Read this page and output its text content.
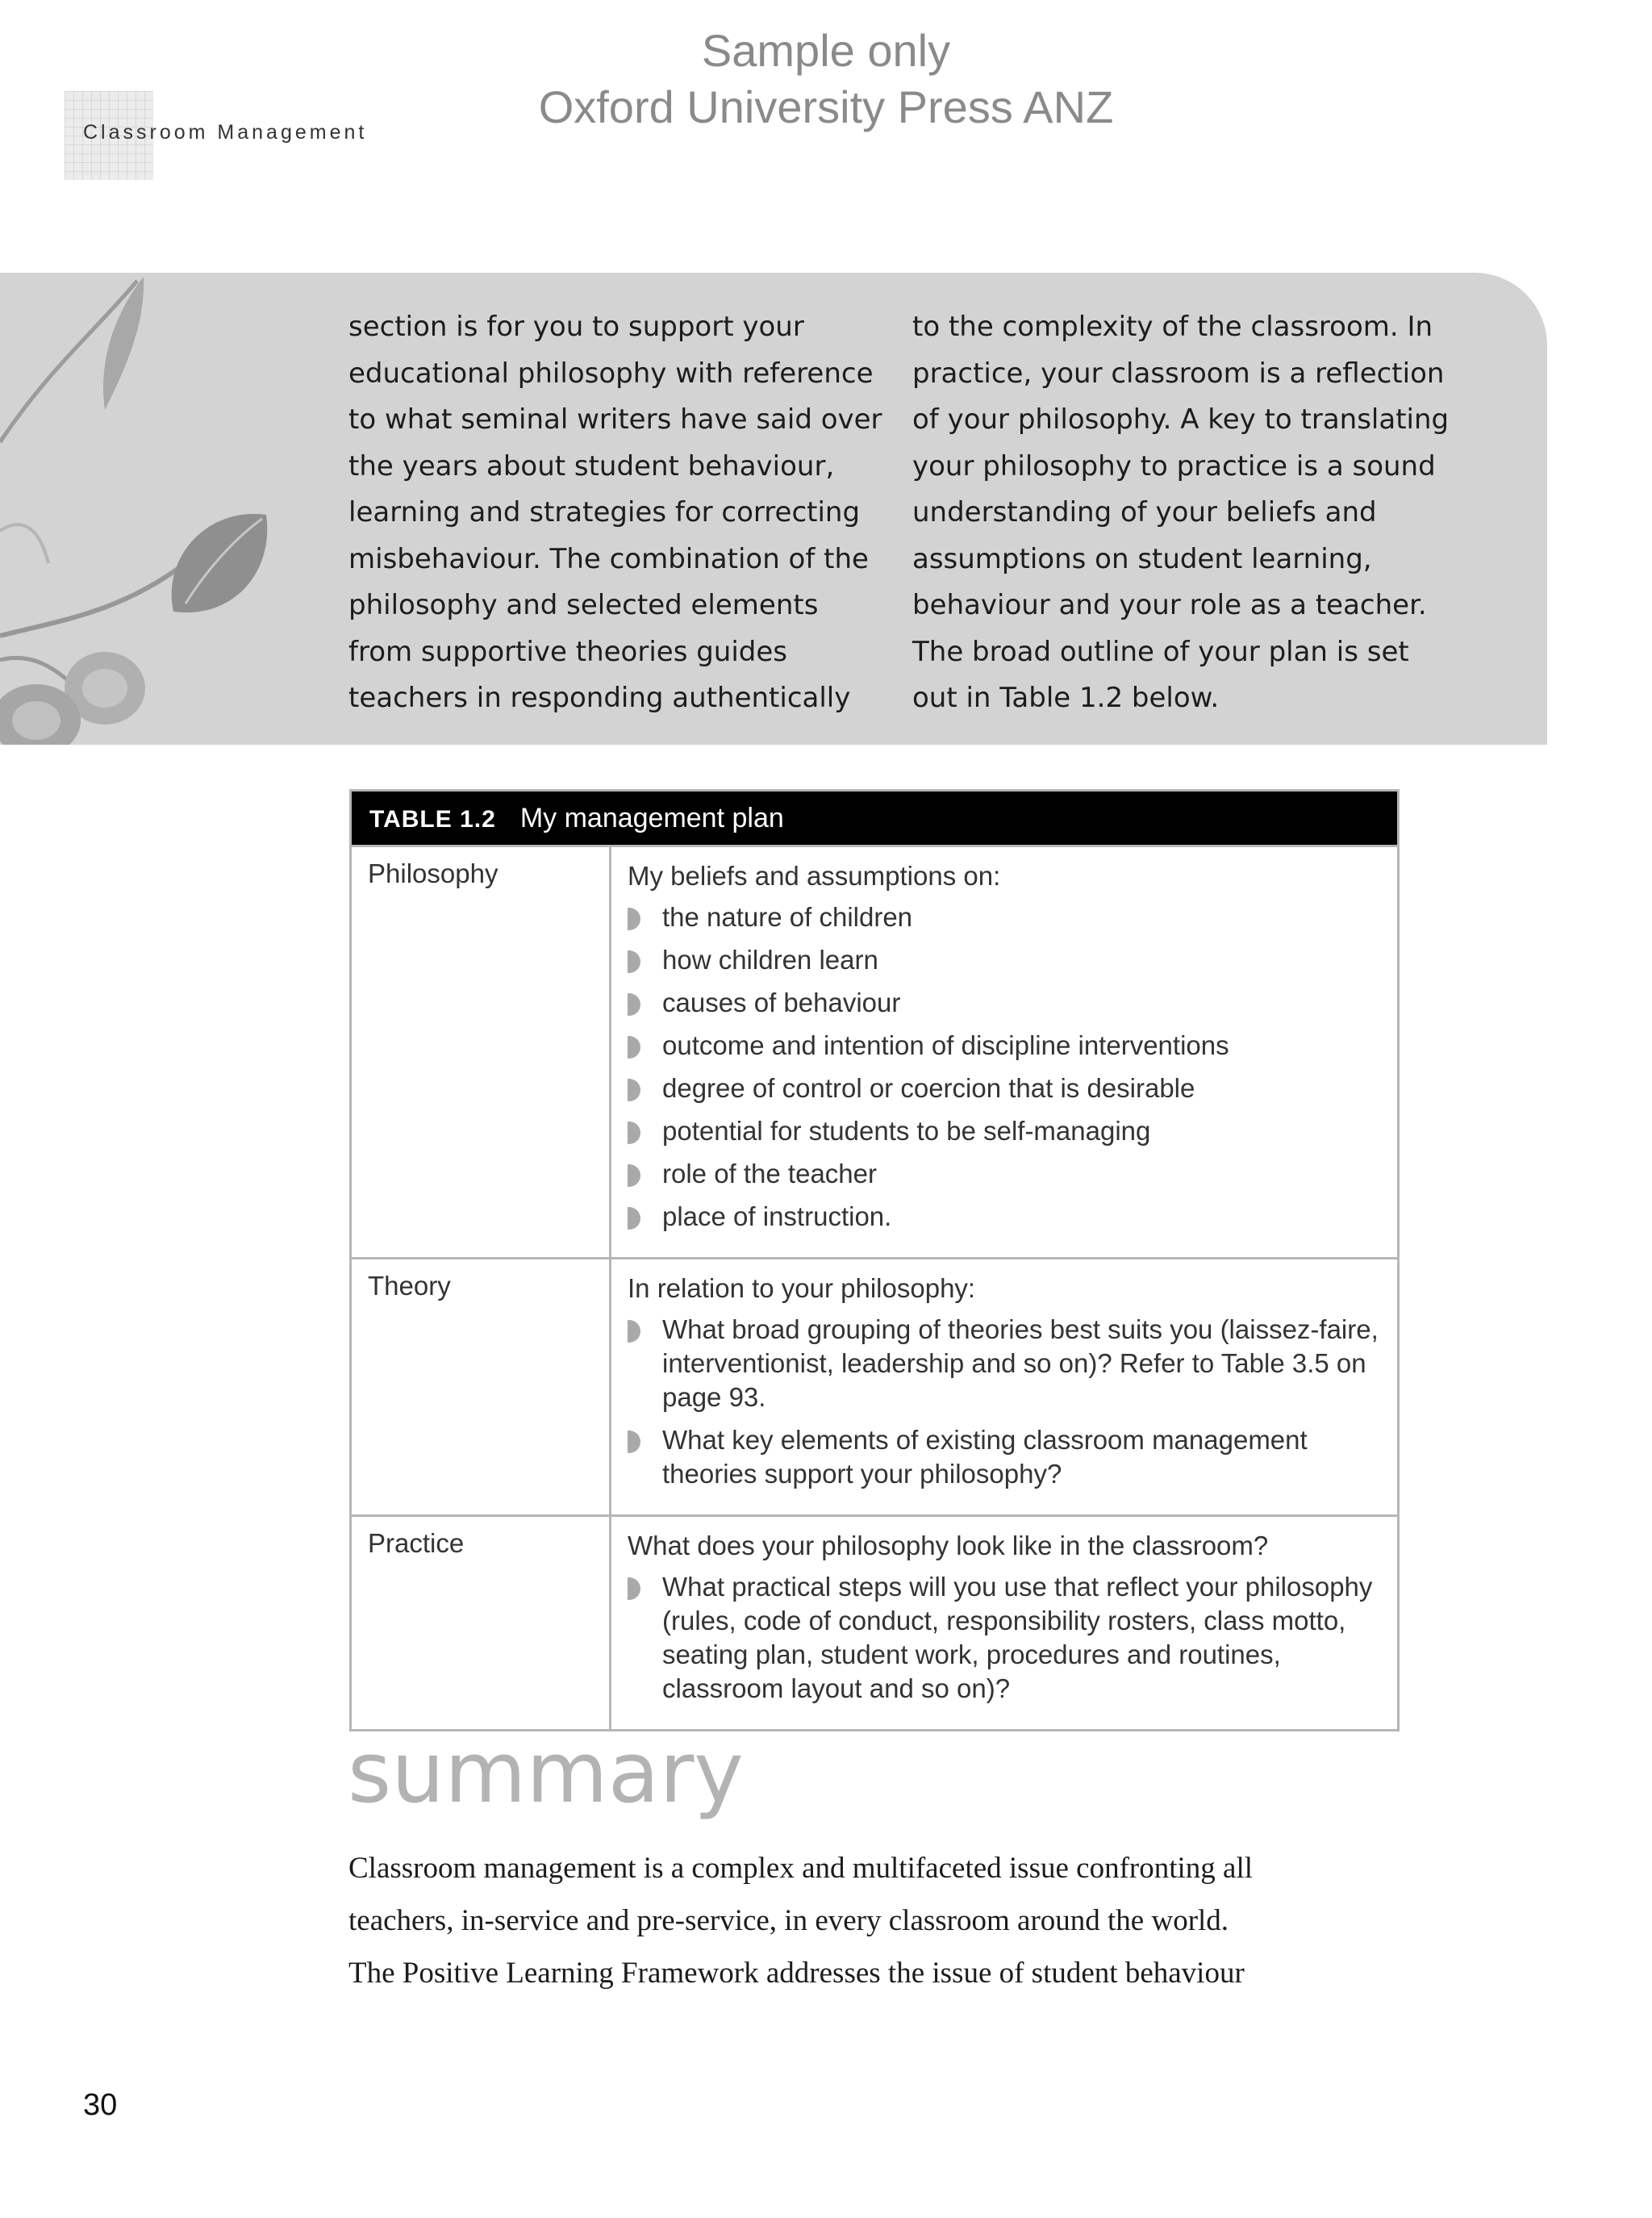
Sample only
Oxford University Press ANZ
Classroom Management
section is for you to support your
educational philosophy with reference
to what seminal writers have said over
the years about student behaviour,
learning and strategies for correcting
misbehaviour. The combination of the
philosophy and selected elements
from supportive theories guides
teachers in responding authentically
to the complexity of the classroom. In
practice, your classroom is a reflection
of your philosophy. A key to translating
your philosophy to practice is a sound
understanding of your beliefs and
assumptions on student learning,
behaviour and your role as a teacher.
The broad outline of your plan is set
out in Table 1.2 below.
TABLE 1.2 My management plan
Philosophy	My beliefs and assumptions on:
the nature of children
how children learn
causes of behaviour
outcome and intention of discipline interventions
degree of control or coercion that is desirable
potential for students to be self-managing
role of the teacher
place of instruction.
Theory	In relation to your philosophy:
What broad grouping of theories best suits you (laissez-faire, interventionist, leadership and so on)? Refer to Table 3.5 on page 93.
What key elements of existing classroom management theories support your philosophy?
Practice	What does your philosophy look like in the classroom?
What practical steps will you use that reflect your philosophy (rules, code of conduct, responsibility rosters, class motto, seating plan, student work, procedures and routines, classroom layout and so on)?
summary
Classroom management is a complex and multifaceted issue confronting all
teachers, in-service and pre-service, in every classroom around the world.
The Positive Learning Framework addresses the issue of student behaviour
30
